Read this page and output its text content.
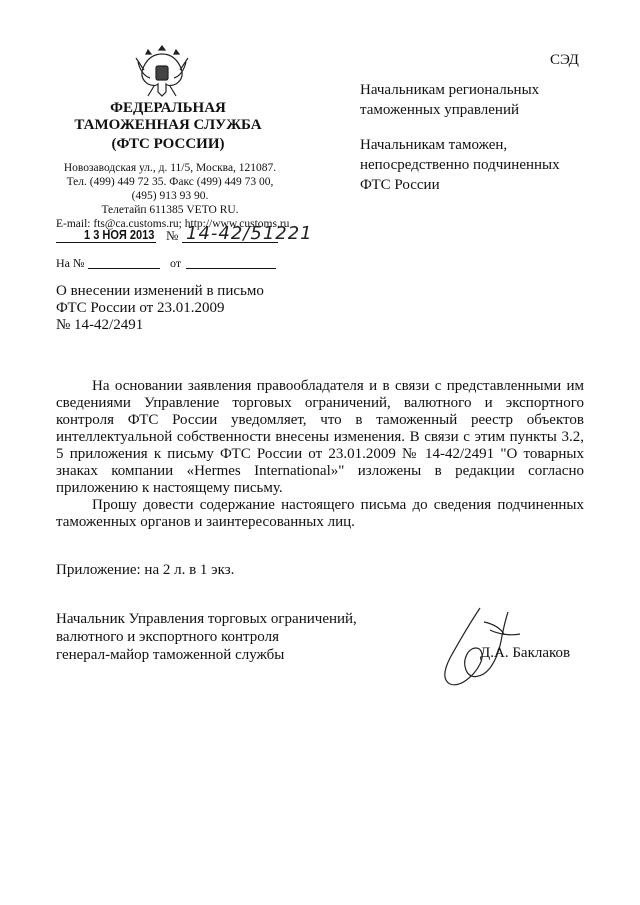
ФЕДЕРАЛЬНАЯ
ТАМОЖЕННАЯ СЛУЖБА
(ФТС РОССИИ)
Новозаводская ул., д. 11/5, Москва, 121087.
Тел. (499) 449 72 35. Факс (499) 449 73 00,
(495) 913 93 90.
Телетайп 611385 VETO RU.
E-mail: fts@ca.customs.ru; http://www.customs.ru
1 3 НОЯ 2013 № 14-42/51221
На №	от
СЭД
Начальникам региональных
таможенных управлений
Начальникам таможен,
непосредственно подчиненных
ФТС России
О внесении изменений в письмо
ФТС России от 23.01.2009
№ 14-42/2491
На основании заявления правообладателя и в связи с представленными им сведениями Управление торговых ограничений, валютного и экспортного контроля ФТС России уведомляет, что в таможенный реестр объектов интеллектуальной собственности внесены изменения. В связи с этим пункты 3.2, 5 приложения к письму ФТС России от 23.01.2009 № 14-42/2491 "О товарных знаках компании «Hermes International»" изложены в редакции согласно приложению к настоящему письму.
Прошу довести содержание настоящего письма до сведения подчиненных таможенных органов и заинтересованных лиц.
Приложение: на 2 л. в 1 экз.
Начальник Управления торговых ограничений,
валютного и экспортного контроля
генерал-майор таможенной службы	Д.А. Баклаков
